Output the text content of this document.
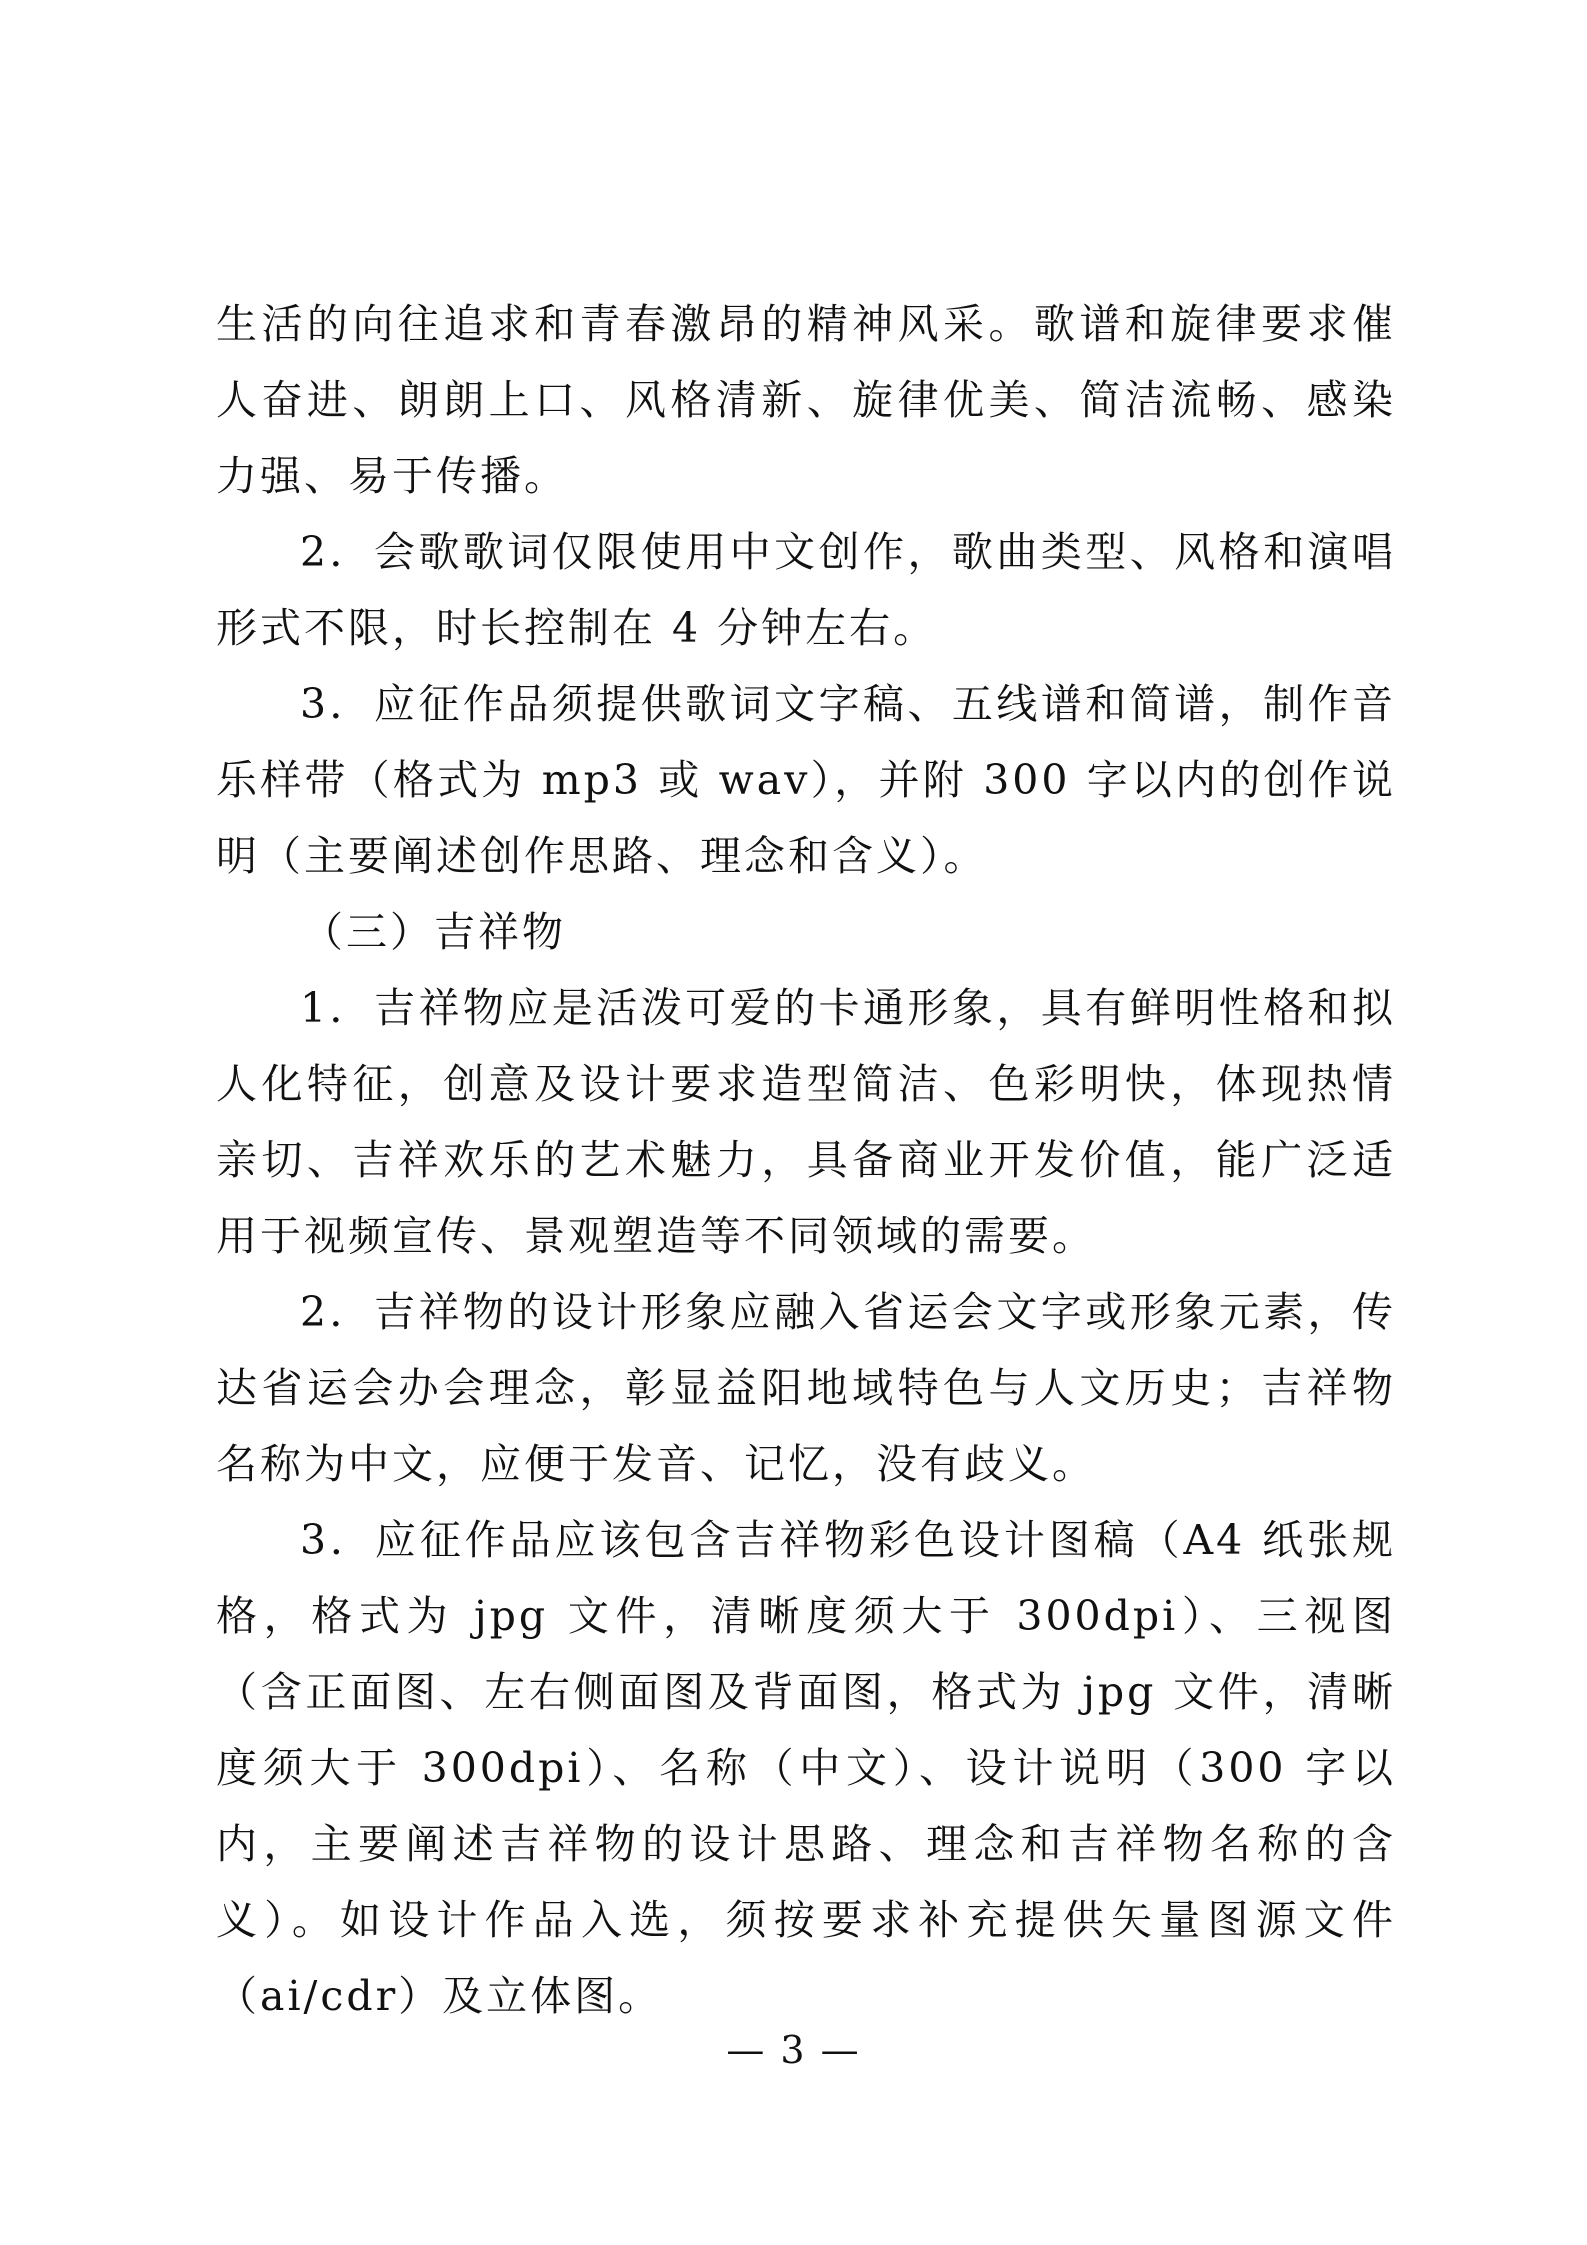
生活的向往追求和青春激昂的精神风采。歌谱和旋律要求催人奋进、朗朗上口、风格清新、旋律优美、简洁流畅、感染力强、易于传播。

2．会歌歌词仅限使用中文创作，歌曲类型、风格和演唱形式不限，时长控制在 4 分钟左右。

3．应征作品须提供歌词文字稿、五线谱和简谱，制作音乐样带（格式为 mp3 或 wav），并附 300 字以内的创作说明（主要阐述创作思路、理念和含义）。

（三）吉祥物

1．吉祥物应是活泼可爱的卡通形象，具有鲜明性格和拟人化特征，创意及设计要求造型简洁、色彩明快，体现热情亲切、吉祥欢乐的艺术魅力，具备商业开发价值，能广泛适用于视频宣传、景观塑造等不同领域的需要。

2．吉祥物的设计形象应融入省运会文字或形象元素，传达省运会办会理念，彰显益阳地域特色与人文历史；吉祥物名称为中文，应便于发音、记忆，没有歧义。

3．应征作品应该包含吉祥物彩色设计图稿（A4 纸张规格，格式为 jpg 文件，清晰度须大于 300dpi）、三视图（含正面图、左右侧面图及背面图，格式为 jpg 文件，清晰度须大于 300dpi）、名称（中文）、设计说明（300 字以内，主要阐述吉祥物的设计思路、理念和吉祥物名称的含义）。如设计作品入选，须按要求补充提供矢量图源文件（ai/cdr）及立体图。

— 3 —
